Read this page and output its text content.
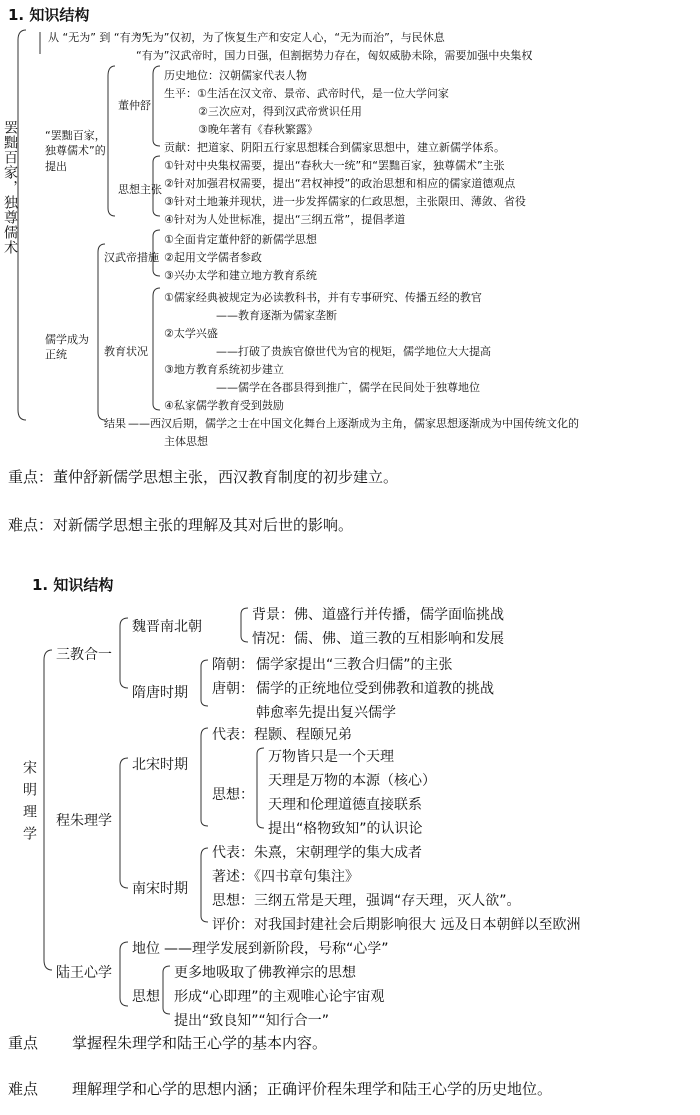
1. 知识结构
从 “无为” 到 “有为”
“无为”仅初，为了恢复生产和安定人心，“无为而治”，与民休息
“有为”汉武帝时，国力日强，但割据势力存在，匈奴威胁未除，需要加强中央集权
罢黜百家，独尊儒术 “罢黜百家，独尊儒术”的提出
董仲舒
历史地位：汉朝儒家代表人物
生平：①生活在汉文帝、景帝、武帝时代，是一位大学问家
②三次应对，得到汉武帝赏识任用
③晚年著有《春秋繁露》
贡献：把道家、阴阳五行家思想糅合到儒家思想中，建立新儒学体系。
思想主张
①针对中央集权需要，提出“春秋大一统”和“罢黜百家，独尊儒术”主张
②针对加强君权需要，提出“君权神授”的政治思想和相应的儒家道德观点
③针对土地兼并现状，进一步发挥儒家的仁政思想，主张限田、薄敛、省役
④针对为人处世标准，提出“三纲五常”，提倡孝道
儒学成为正统
汉武帝措施
①全面肯定董仲舒的新儒学思想
②起用文学儒者参政
③兴办太学和建立地方教育系统
教育状况
①儒家经典被规定为必读教科书，并有专事研究、传播五经的教官
——教育逐渐为儒家垄断
②太学兴盛
——打破了贵族官僚世代为官的枧矩，儒学地位大大提高
③地方教育系统初步建立
——儒学在各郡县得到推广，儒学在民间处于独尊地位
④私家儒学教育受到鼓励
结果 ——西汉后期，儒学之士在中国文化舞台上逐渐成为主角，儒家思想逐渐成为中国传统文化的
主体思想
重点：董仲舒新儒学思想主张，西汉教育制度的初步建立。
难点：对新儒学思想主张的理解及其对后世的影响。
1. 知识结构
宋明理学
三教合一
魏晋南北朝
背景：佛、道盛行并传播，儒学面临挑战
情况：儒、佛、道三教的互相影响和发展
隋唐时期
隋朝： 儒学家提出“三教合归儒”的主张
唐朝： 儒学的正统地位受到佛教和道教的挑战
韩愈率先提出复兴儒学
程朱理学
北宋时期
代表：程颢、程颐兄弟
思想：
万物皆只是一个天理
天理是万物的本源（核心）
天理和伦理道德直接联系
提出“格物致知”的认识论
南宋时期
代表：朱熹，宋朝理学的集大成者
著述：《四书章句集注》
思想：三纲五常是天理，强调“存天理，灭人欲”。
评价：对我国封建社会后期影响很大 远及日本朝鲜以至欧洲
陆王心学
地位 ——理学发展到新阶段，号称“心学”
思想
更多地吸取了佛教禅宗的思想
形成“心即理”的主观唯心论宇宙观
提出“致良知”“知行合一”
重点 掌握程朱理学和陆王心学的基本内容。
难点 理解理学和心学的思想内涵；正确评价程朱理学和陆王心学的历史地位。
